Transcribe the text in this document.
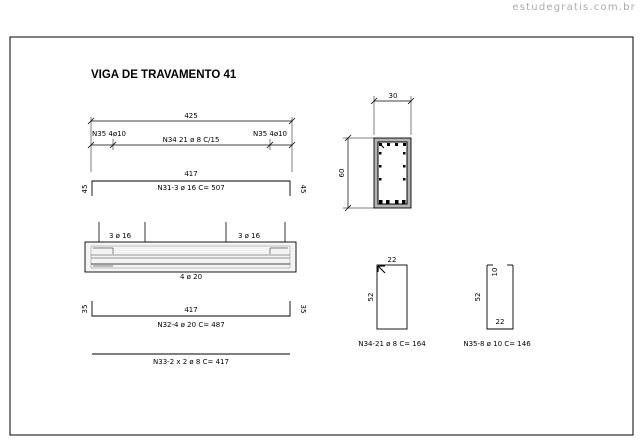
estudegratis.com.br
VIGA DE TRAVAMENTO 41
425
N35 4ø10
N34 21 ø 8 C/15
N35 4ø10
417
N31-3 ø 16 C= 507
45	45
3 ø 16	3 ø 16
4 ø 20
417
N32-4 ø 20 C= 487
35	35
N33-2 x 2 ø 8 C= 417
30
60
22
52
N34-21 ø 8 C= 164
10
52
22
N35-8 ø 10 C= 146
